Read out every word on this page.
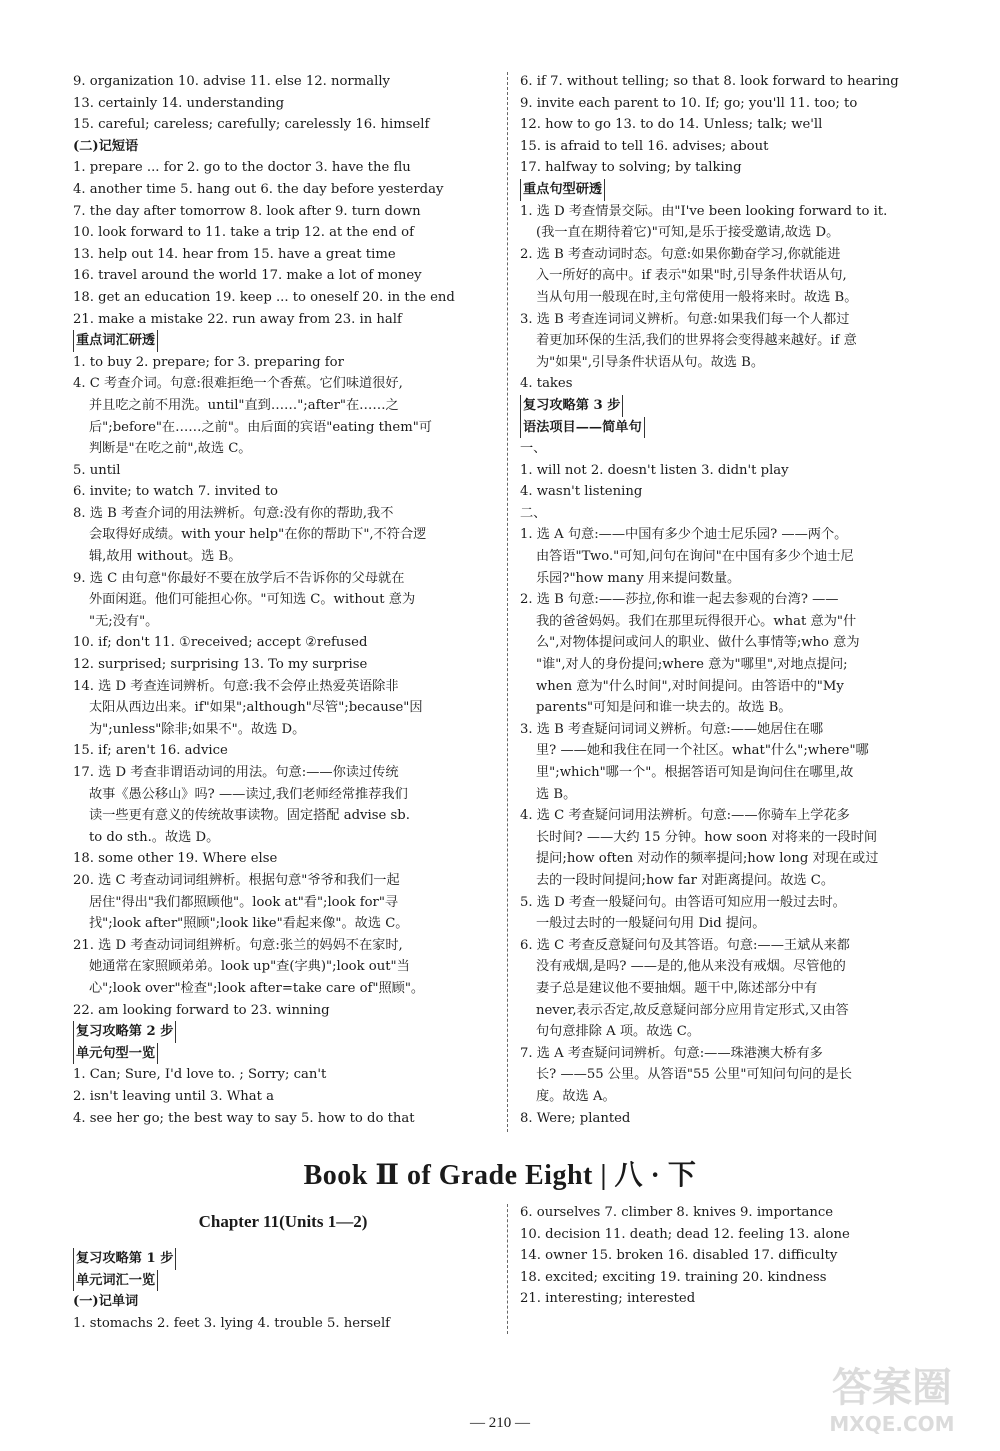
9. organization 10. advise 11. else 12. normally
13. certainly 14. understanding
15. careful; careless; carefully; carelessly 16. himself
(二)记短语
1. prepare ... for 2. go to the doctor 3. have the flu
4. another time 5. hang out 6. the day before yesterday
7. the day after tomorrow 8. look after 9. turn down
10. look forward to 11. take a trip 12. at the end of
13. help out 14. hear from 15. have a great time
16. travel around the world 17. make a lot of money
18. get an education 19. keep ... to oneself 20. in the end
21. make a mistake 22. run away from 23. in half
重点词汇研透
1. to buy 2. prepare; for 3. preparing for
4. C 考查介词。句意:很难拒绝一个香蕉。它们味道很好,
并且吃之前不用洗。until"直到……";after"在……之
后";before"在……之前"。由后面的宾语"eating them"可
判断是"在吃之前",故选 C。
5. until
6. invite; to watch 7. invited to
8. 选 B 考查介词的用法辨析。句意:没有你的帮助,我不
会取得好成绩。with your help"在你的帮助下",不符合逻
辑,故用 without。选 B。
9. 选 C 由句意"你最好不要在放学后不告诉你的父母就在
外面闲逛。他们可能担心你。"可知选 C。without 意为
"无;没有"。
10. if; don't 11. ①received; accept ②refused
12. surprised; surprising 13. To my surprise
14. 选 D 考查连词辨析。句意:我不会停止热爱英语除非
太阳从西边出来。if"如果";although"尽管";because"因
为";unless"除非;如果不"。故选 D。
15. if; aren't 16. advice
17. 选 D 考查非谓语动词的用法。句意:——你读过传统
故事《愚公移山》吗? ——读过,我们老师经常推荐我们
读一些更有意义的传统故事读物。固定搭配 advise sb.
to do sth.。故选 D。
18. some other 19. Where else
20. 选 C 考查动词词组辨析。根据句意"爷爷和我们一起
居住"得出"我们都照顾他"。look at"看";look for"寻
找";look after"照顾";look like"看起来像"。故选 C。
21. 选 D 考查动词词组辨析。句意:张兰的妈妈不在家时,
她通常在家照顾弟弟。look up"查(字典)";look out"当
心";look over"检查";look after=take care of"照顾"。
22. am looking forward to 23. winning
复习攻略第 2 步
单元句型一览
1. Can; Sure, I'd love to. ; Sorry; can't
2. isn't leaving until 3. What a
4. see her go; the best way to say 5. how to do that
6. if 7. without telling; so that 8. look forward to hearing
9. invite each parent to 10. If; go; you'll 11. too; to
12. how to go 13. to do 14. Unless; talk; we'll
15. is afraid to tell 16. advises; about
17. halfway to solving; by talking
重点句型研透
1. 选 D 考查情景交际。由"I've been looking forward to it.
(我一直在期待着它)"可知,是乐于接受邀请,故选 D。
2. 选 B 考查动词时态。句意:如果你勤奋学习,你就能进
入一所好的高中。if 表示"如果"时,引导条件状语从句,
当从句用一般现在时,主句常使用一般将来时。故选 B。
3. 选 B 考查连词词义辨析。句意:如果我们每一个人都过
着更加环保的生活,我们的世界将会变得越来越好。if 意
为"如果",引导条件状语从句。故选 B。
4. takes
复习攻略第 3 步
语法项目——简单句
一、
1. will not 2. doesn't listen 3. didn't play
4. wasn't listening
二、
1. 选 A 句意:——中国有多少个迪士尼乐园? ——两个。
由答语"Two."可知,问句在询问"在中国有多少个迪士尼
乐园?"how many 用来提问数量。
2. 选 B 句意:——莎拉,你和谁一起去参观的台湾? ——
我的爸爸妈妈。我们在那里玩得很开心。what 意为"什
么",对物体提问或问人的职业、做什么事情等;who 意为
"谁",对人的身份提问;where 意为"哪里",对地点提问;
when 意为"什么时间",对时间提问。由答语中的"My
parents"可知是问和谁一块去的。故选 B。
3. 选 B 考查疑问词词义辨析。句意:——她居住在哪
里? ——她和我住在同一个社区。what"什么";where"哪
里";which"哪一个"。根据答语可知是询问住在哪里,故
选 B。
4. 选 C 考查疑问词用法辨析。句意:——你骑车上学花多
长时间? ——大约 15 分钟。how soon 对将来的一段时间
提问;how often 对动作的频率提问;how long 对现在或过
去的一段时间提问;how far 对距离提问。故选 C。
5. 选 D 考查一般疑问句。由答语可知应用一般过去时。
一般过去时的一般疑问句用 Did 提问。
6. 选 C 考查反意疑问句及其答语。句意:——王斌从来都
没有戒烟,是吗? ——是的,他从来没有戒烟。尽管他的
妻子总是建议他不要抽烟。题干中,陈述部分中有
never,表示否定,故反意疑问部分应用肯定形式,又由答
句句意排除 A 项。故选 C。
7. 选 A 考查疑问词辨析。句意:——珠港澳大桥有多
长? ——55 公里。从答语"55 公里"可知问句问的是长
度。故选 A。
8. Were; planted
Book Ⅱ of Grade Eight | 八 · 下
Chapter 11(Units 1—2)
复习攻略第 1 步
单元词汇一览
(一)记单词
1. stomachs 2. feet 3. lying 4. trouble 5. herself
6. ourselves 7. climber 8. knives 9. importance
10. decision 11. death; dead 12. feeling 13. alone
14. owner 15. broken 16. disabled 17. difficulty
18. excited; exciting 19. training 20. kindness
21. interesting; interested
— 210 —
答案圈
MXQE.COM
